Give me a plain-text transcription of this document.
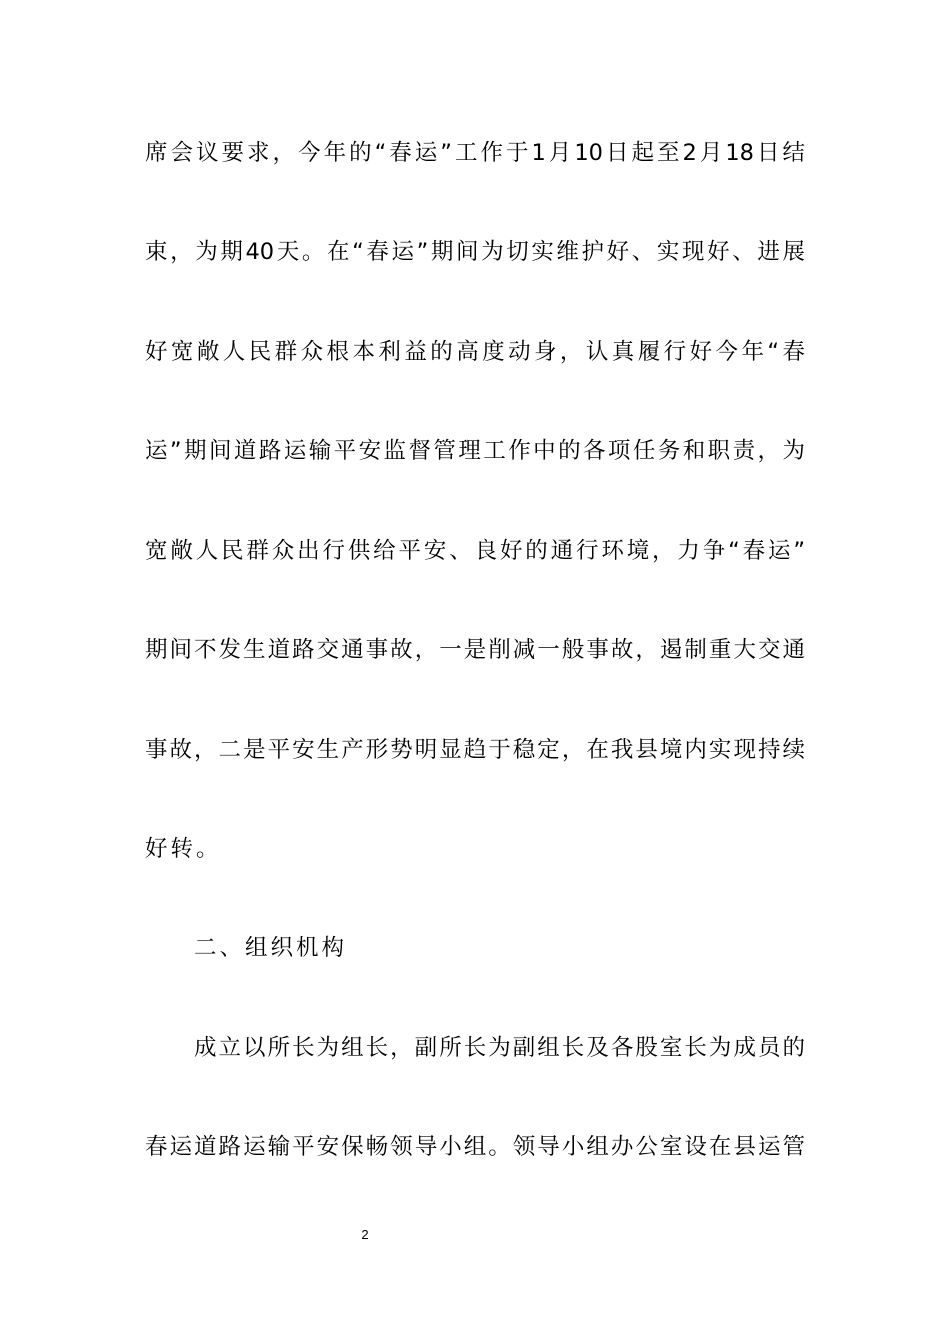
席会议要求，今年的“春运”工作于1月10日起至2月18日结
束，为期40天。在“春运”期间为切实维护好、实现好、进展
好宽敞人民群众根本利益的高度动身，认真履行好今年“春
运”期间道路运输平安监督管理工作中的各项任务和职责，为
宽敞人民群众出行供给平安、良好的通行环境，力争“春运”
期间不发生道路交通事故，一是削减一般事故，遏制重大交通
事故，二是平安生产形势明显趋于稳定，在我县境内实现持续
好转。
二、组织机构
成立以所长为组长，副所长为副组长及各股室长为成员的
春运道路运输平安保畅领导小组。领导小组办公室设在县运管
2
